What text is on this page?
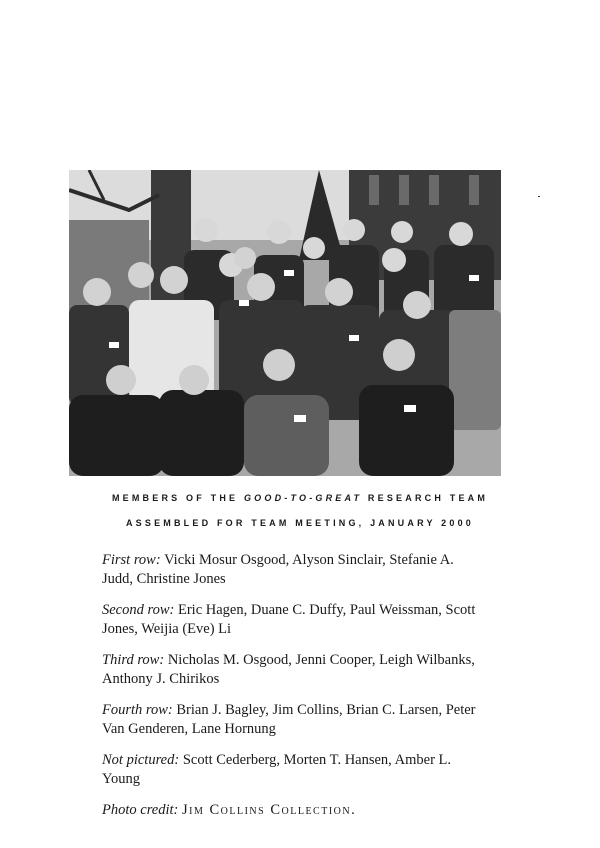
MEMBERS OF THE GOOD-TO-GREAT RESEARCH TEAM
ASSEMBLED FOR TEAM MEETING, JANUARY 2000

First row: Vicki Mosur Osgood, Alyson Sinclair, Stefanie A. Judd, Christine Jones

Second row: Eric Hagen, Duane C. Duffy, Paul Weissman, Scott Jones, Weijia (Eve) Li

Third row: Nicholas M. Osgood, Jenni Cooper, Leigh Wilbanks, Anthony J. Chirikos

Fourth row: Brian J. Bagley, Jim Collins, Brian C. Larsen, Peter Van Genderen, Lane Hornung

Not pictured: Scott Cederberg, Morten T. Hansen, Amber L. Young

Photo credit: Jim Collins Collection.
